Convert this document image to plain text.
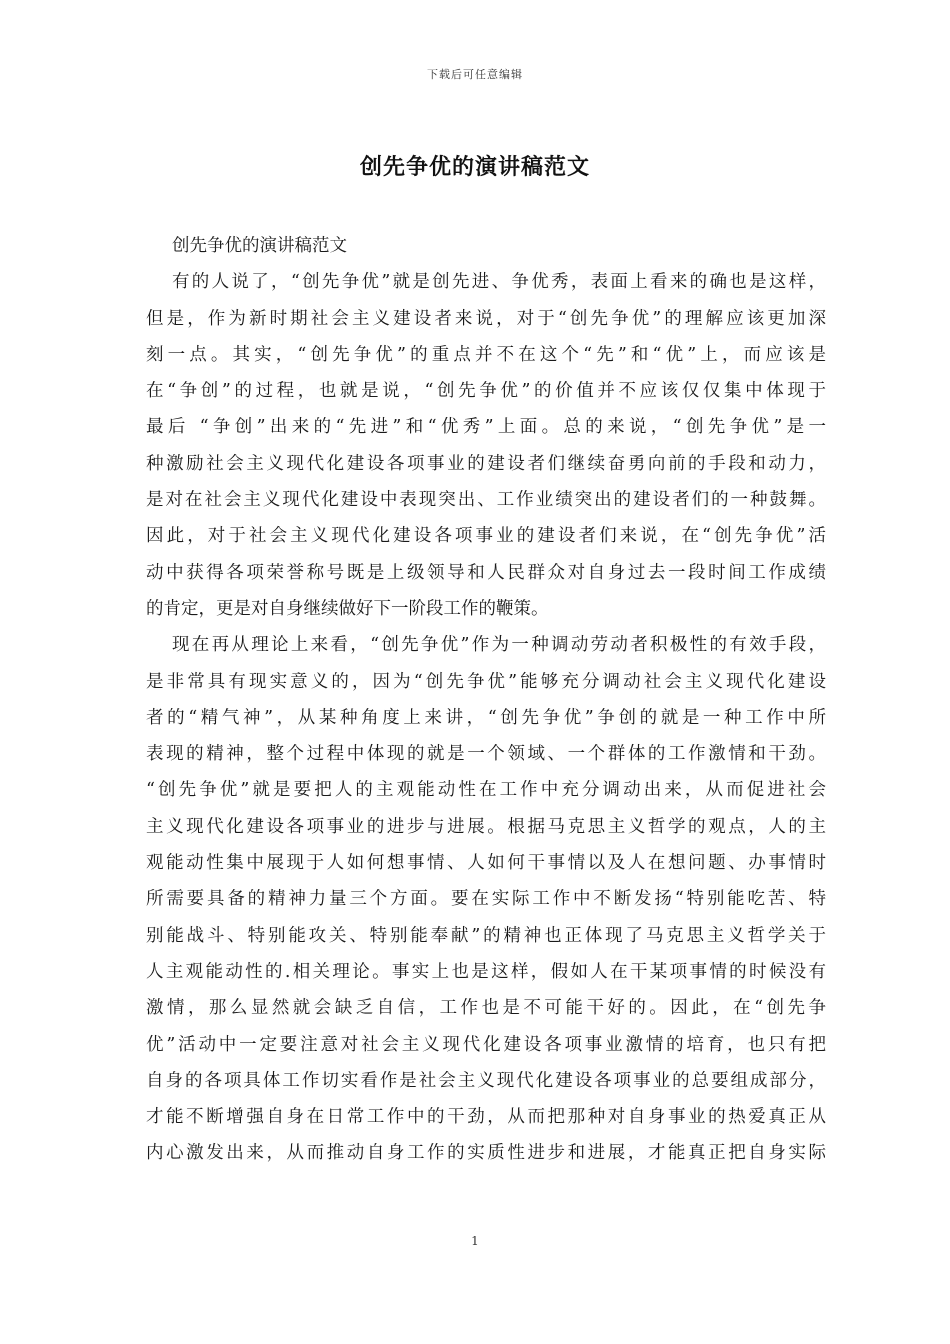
下载后可任意编辑
创先争优的演讲稿范文
创先争优的演讲稿范文
有的人说了，“创先争优”就是创先进、争优秀，表面上看来的确也是这样，
但是，作为新时期社会主义建设者来说，对于“创先争优”的理解应该更加深
刻一点。其实，“创先争优”的重点并不在这个“先”和“优”上，而应该是
在“争创”的过程，也就是说，“创先争优”的价值并不应该仅仅集中体现于
最后 “争创”出来的“先进”和“优秀”上面。总的来说，“创先争优”是一
种激励社会主义现代化建设各项事业的建设者们继续奋勇向前的手段和动力，
是对在社会主义现代化建设中表现突出、工作业绩突出的建设者们的一种鼓舞。
因此，对于社会主义现代化建设各项事业的建设者们来说，在“创先争优”活
动中获得各项荣誉称号既是上级领导和人民群众对自身过去一段时间工作成绩
的肯定，更是对自身继续做好下一阶段工作的鞭策。
现在再从理论上来看，“创先争优”作为一种调动劳动者积极性的有效手段，
是非常具有现实意义的，因为“创先争优”能够充分调动社会主义现代化建设
者的“精气神”，从某种角度上来讲，“创先争优”争创的就是一种工作中所
表现的精神，整个过程中体现的就是一个领域、一个群体的工作激情和干劲。
“创先争优”就是要把人的主观能动性在工作中充分调动出来，从而促进社会
主义现代化建设各项事业的进步与进展。根据马克思主义哲学的观点，人的主
观能动性集中展现于人如何想事情、人如何干事情以及人在想问题、办事情时
所需要具备的精神力量三个方面。要在实际工作中不断发扬“特别能吃苦、特
别能战斗、特别能攻关、特别能奉献”的精神也正体现了马克思主义哲学关于
人主观能动性的.相关理论。事实上也是这样，假如人在干某项事情的时候没有
激情，那么显然就会缺乏自信，工作也是不可能干好的。因此，在“创先争
优”活动中一定要注意对社会主义现代化建设各项事业激情的培育，也只有把
自身的各项具体工作切实看作是社会主义现代化建设各项事业的总要组成部分，
才能不断增强自身在日常工作中的干劲，从而把那种对自身事业的热爱真正从
内心激发出来，从而推动自身工作的实质性进步和进展，才能真正把自身实际
1
